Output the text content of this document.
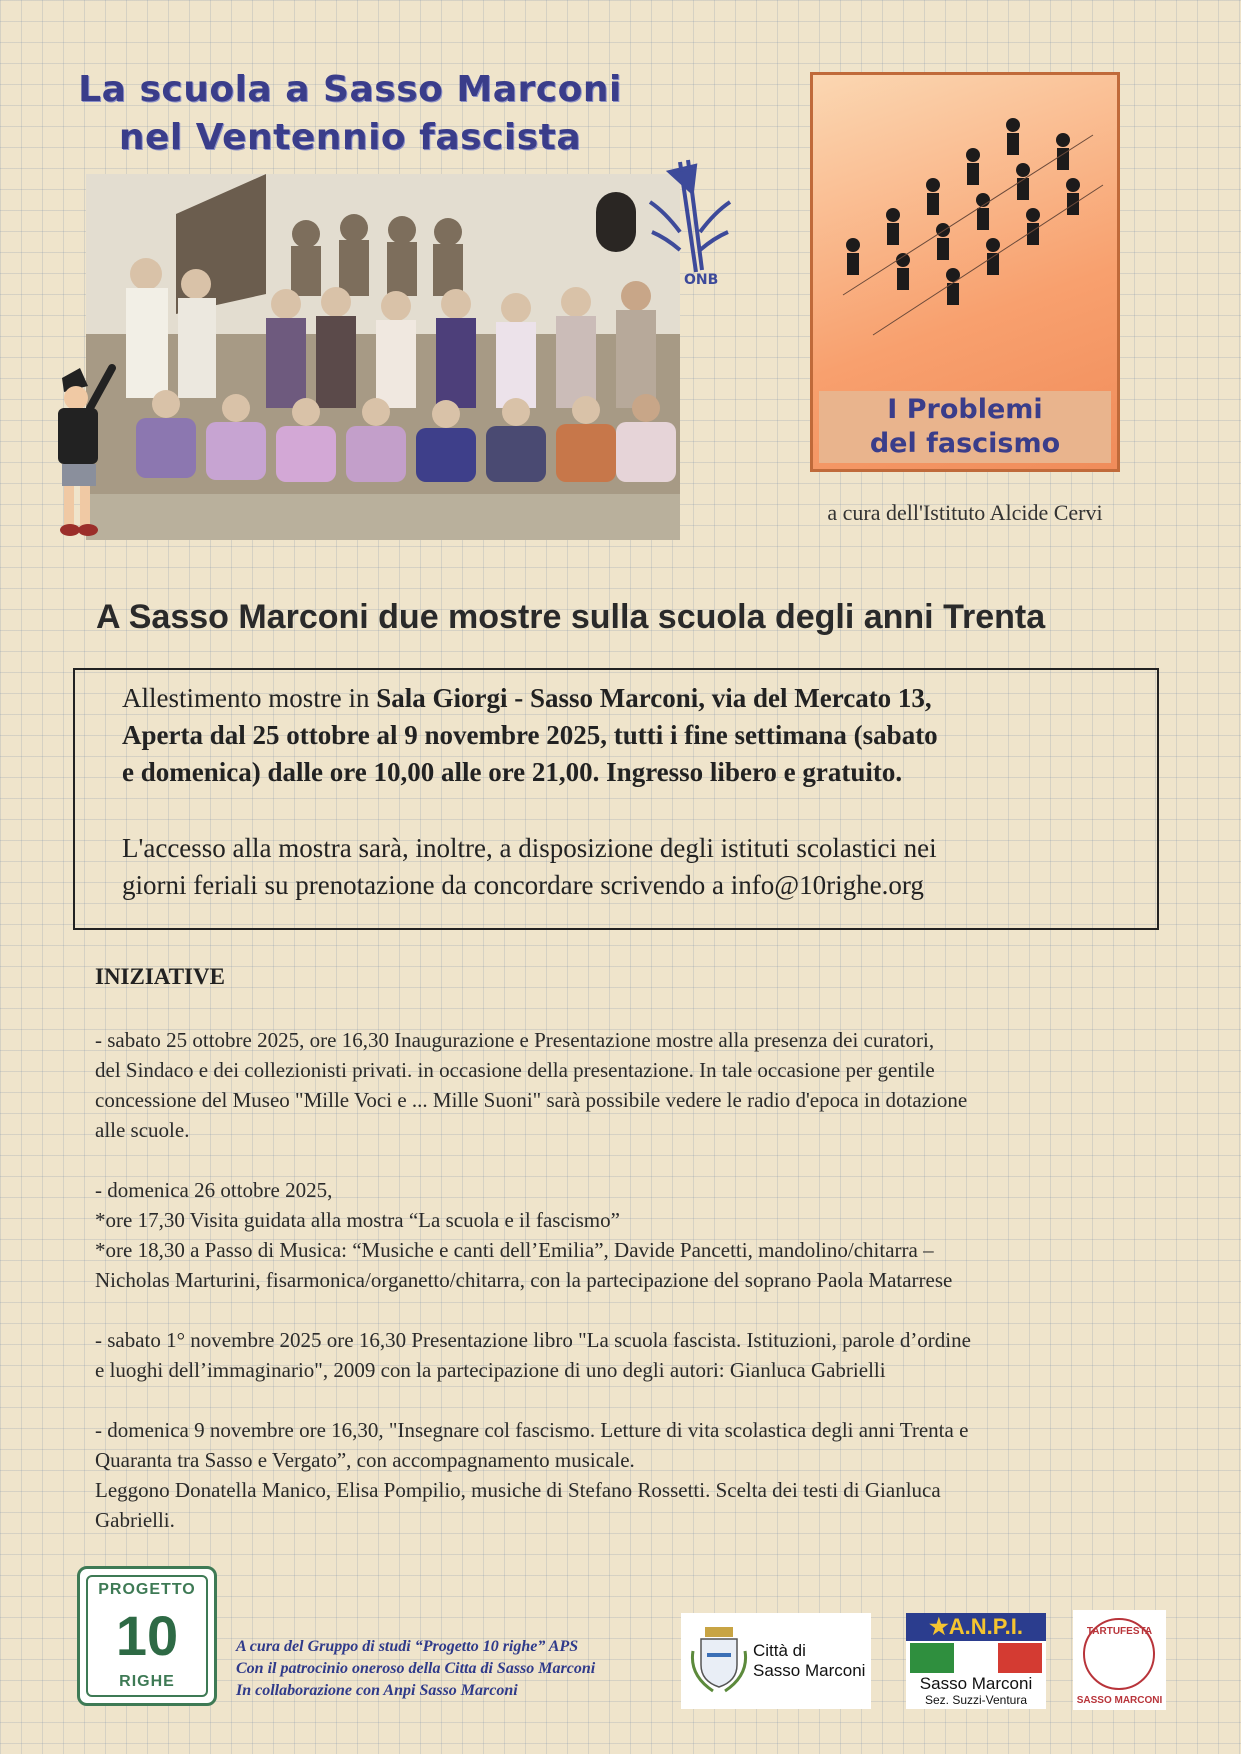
La scuola a Sasso Marconi
nel Ventennio fascista
ONB
I Problemi
del fascismo
a cura dell'Istituto Alcide Cervi
A Sasso Marconi due mostre sulla scuola degli anni Trenta
Allestimento mostre in Sala Giorgi - Sasso Marconi, via del Mercato 13,
Aperta dal 25 ottobre al 9 novembre 2025, tutti i fine settimana (sabato
e domenica) dalle ore 10,00 alle ore 21,00. Ingresso libero e gratuito.
L'accesso alla mostra sarà, inoltre, a disposizione degli istituti scolastici nei
giorni feriali su prenotazione da concordare scrivendo a info@10righe.org
INIZIATIVE
- sabato 25 ottobre 2025, ore 16,30 Inaugurazione e Presentazione mostre alla presenza dei curatori,
del Sindaco e dei collezionisti privati. in occasione della presentazione. In tale occasione per gentile
concessione del Museo "Mille Voci e ... Mille Suoni" sarà possibile vedere le radio d'epoca in dotazione
alle scuole.
- domenica 26 ottobre 2025,
*ore 17,30 Visita guidata alla mostra “La scuola e il fascismo”
*ore 18,30 a Passo di Musica: “Musiche e canti dell’Emilia”, Davide Pancetti, mandolino/chitarra –
Nicholas Marturini, fisarmonica/organetto/chitarra, con la partecipazione del soprano Paola Matarrese
- sabato 1° novembre 2025 ore 16,30 Presentazione libro "La scuola fascista. Istituzioni, parole d’ordine
e luoghi dell’immaginario", 2009 con la partecipazione di uno degli autori: Gianluca Gabrielli
- domenica 9 novembre ore 16,30, "Insegnare col fascismo. Letture di vita scolastica degli anni Trenta e
Quaranta tra Sasso e Vergato”, con accompagnamento musicale.
Leggono Donatella Manico, Elisa Pompilio, musiche di Stefano Rossetti. Scelta dei testi di Gianluca
Gabrielli.
PROGETTO
10
RIGHE
A cura del Gruppo di studi “Progetto 10 righe” APS
Con il patrocinio oneroso della Citta di Sasso Marconi
In collaborazione con Anpi Sasso Marconi
Città di
Sasso Marconi
★A.N.P.I.
Sasso Marconi
Sez. Suzzi-Ventura
TARTUFESTA
SASSO MARCONI
